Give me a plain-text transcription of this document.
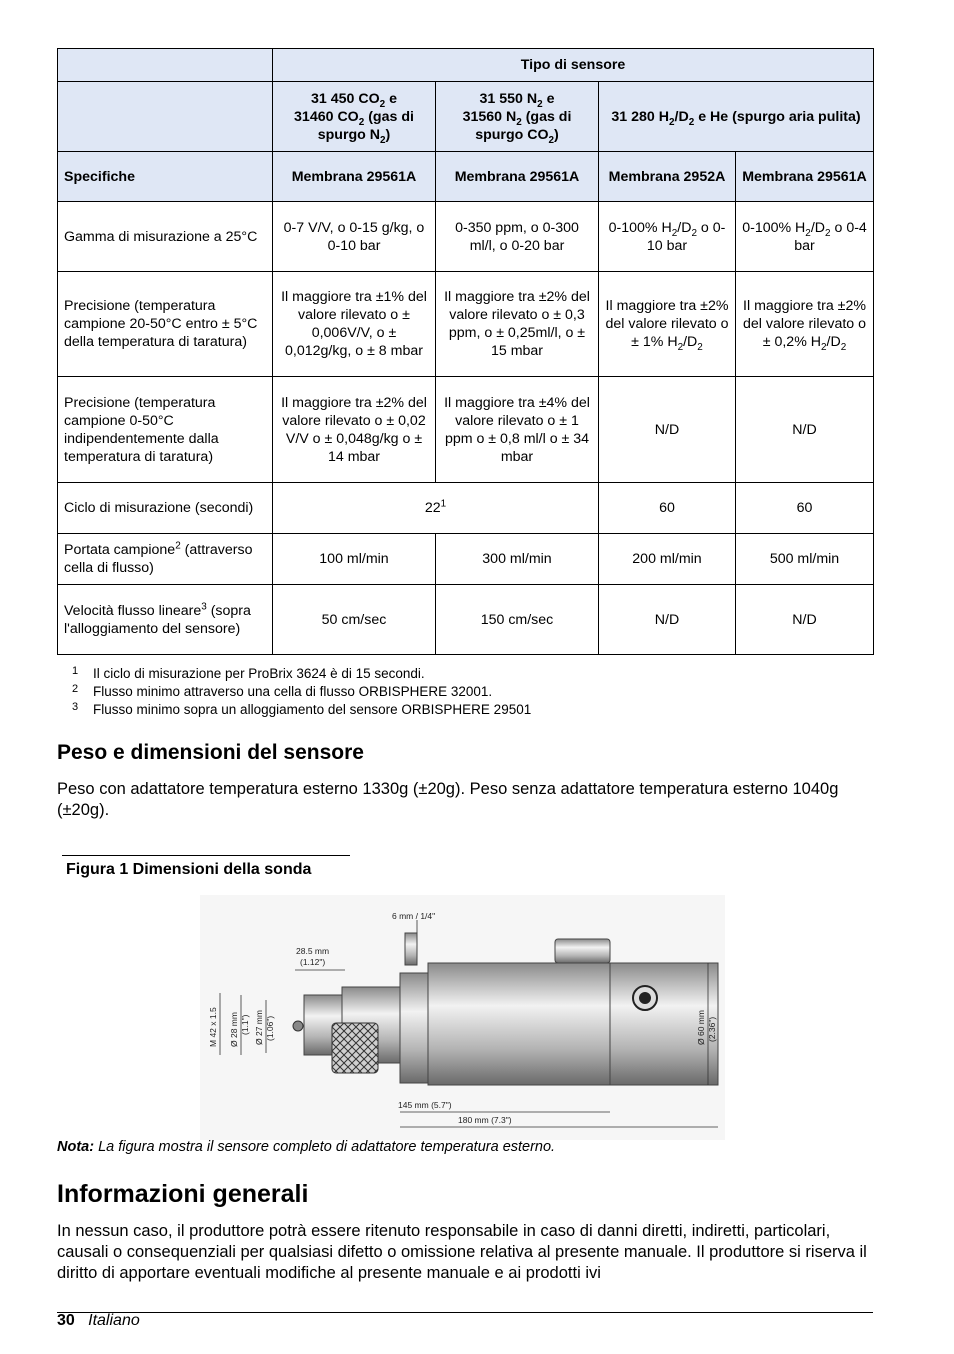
	Tipo di sensore			
	31 450 $CO_2$ e
31460 $CO_2$ (gas di
spurgo $N_2$)	31 550 $N_2$ e
31560 $N_2$ (gas di
spurgo $CO_2$)	31 280 $H_2/D_2$ e He (spurgo aria pulita)	
Specifiche	Membrana 29561A	Membrana 29561A	Membrana 2952A	Membrana 29561A
Gamma di misurazione a 25°C	0-7 V/V, o 0-15 g/kg, o 0-10 bar	0-350 ppm, o 0-300 ml/l, o 0-20 bar	0-100% $H_2/D_2$ o 0-10 bar	0-100% $H_2/D_2$ o 0-4 bar
Precisione (temperatura campione 20-50°C entro ± 5°C della temperatura di taratura)	Il maggiore tra ±1% del valore rilevato o ± 0,006V/V, o ± 0,012g/kg, o ± 8 mbar	Il maggiore tra ±2% del valore rilevato o ± 0,3 ppm, o ± 0,25ml/l, o ± 15 mbar	Il maggiore tra ±2% del valore rilevato o ± 1% $H_2/D_2$	Il maggiore tra ±2% del valore rilevato o ± 0,2% $H_2/D_2$
Precisione (temperatura campione 0-50°C indipendentemente dalla temperatura di taratura)	Il maggiore tra ±2% del valore rilevato o ± 0,02 V/V o ± 0,048g/kg o ± 14 mbar	Il maggiore tra ±4% del valore rilevato o ± 1 ppm o ± 0,8 ml/l o ± 34 mbar	N/D	N/D
Ciclo di misurazione (secondi)	$22^1$		60	60
Portata campione$^2$ (attraverso cella di flusso)	100 ml/min	300 ml/min	200 ml/min	500 ml/min
Velocità flusso lineare$^3$ (sopra l'alloggiamento del sensore)	50 cm/sec	150 cm/sec	N/D	N/D
1 Il ciclo di misurazione per ProBrix 3624 è di 15 secondi.
2 Flusso minimo attraverso una cella di flusso ORBISPHERE 32001.
3 Flusso minimo sopra un alloggiamento del sensore ORBISPHERE 29501
Peso e dimensioni del sensore

Peso con adattatore temperatura esterno 1330g (±20g). Peso senza adattatore temperatura esterno 1040g (±20g).

Figura 1 Dimensioni della sonda
6 mm / 1/4"
28.5 mm
(1.12")
M 42 x 1.5 Ø 28 mm (1.1") Ø 27 mm (1.06")	Ø 60 mm (2.36")
145 mm (5.7")
180 mm (7.3")
Nota: La figura mostra il sensore completo di adattatore temperatura esterno.
Informazioni generali

In nessun caso, il produttore potrà essere ritenuto responsabile in caso di danni diretti, indiretti, particolari, causali o consequenziali per qualsiasi difetto o omissione relativa al presente manuale. Il produttore si riserva il diritto di apportare eventuali modifiche al presente manuale e ai prodotti ivi

30 Italiano
